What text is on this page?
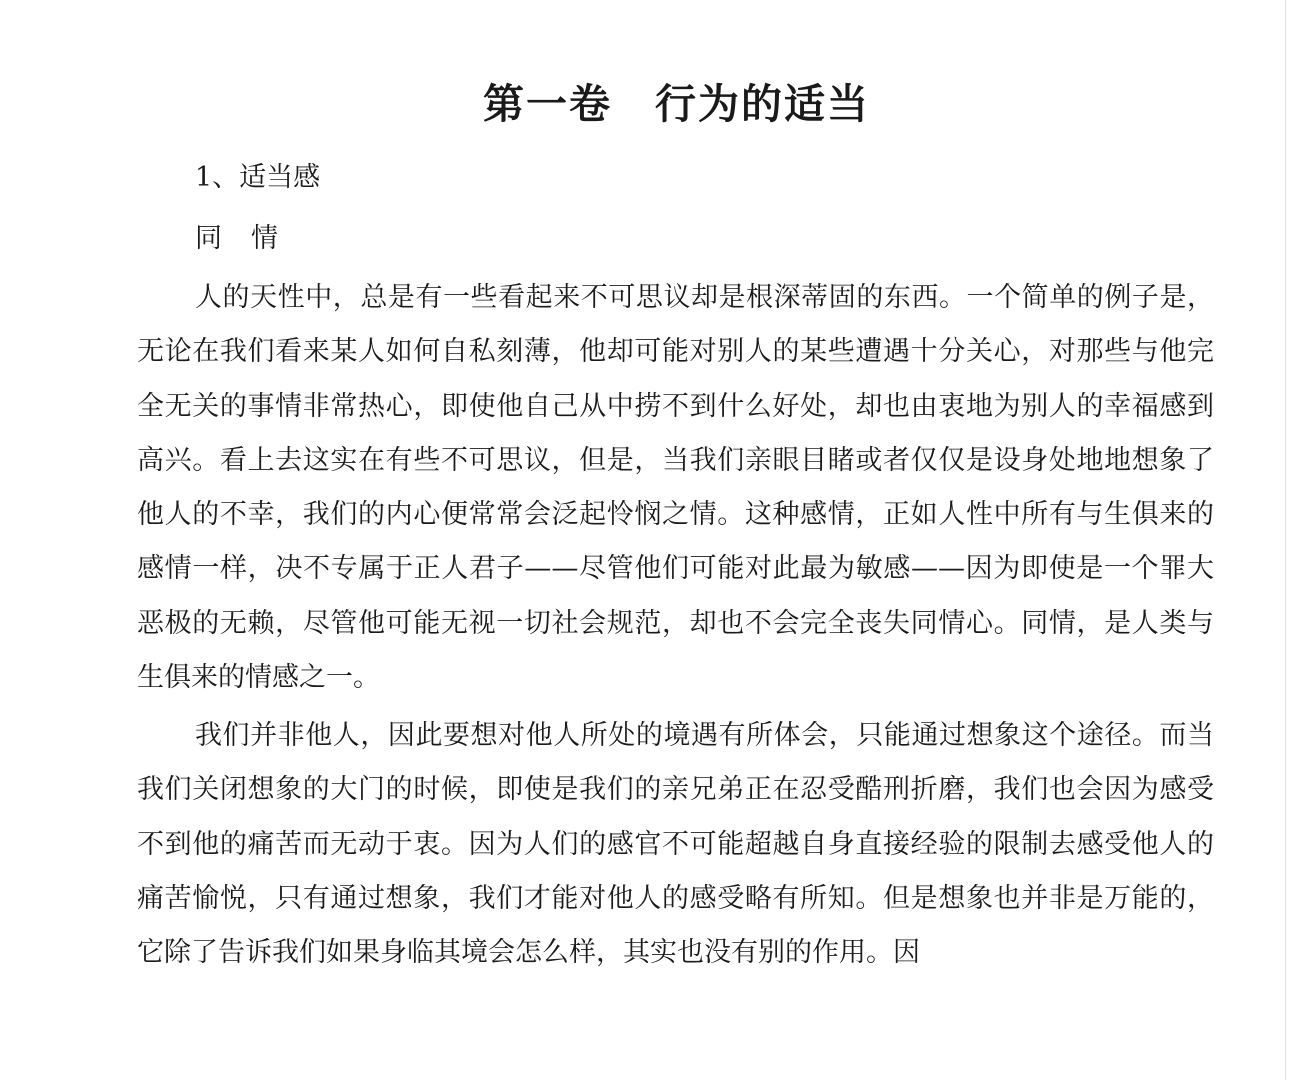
第一卷　行为的适当
1、适当感
同　情

人的天性中，总是有一些看起来不可思议却是根深蒂固的东西。一个简单的例子是，无论在我们看来某人如何自私刻薄，他却可能对别人的某些遭遇十分关心，对那些与他完全无关的事情非常热心，即使他自己从中捞不到什么好处，却也由衷地为别人的幸福感到高兴。看上去这实在有些不可思议，但是，当我们亲眼目睹或者仅仅是设身处地地想象了他人的不幸，我们的内心便常常会泛起怜悯之情。这种感情，正如人性中所有与生俱来的感情一样，决不专属于正人君子——尽管他们可能对此最为敏感——因为即使是一个罪大恶极的无赖，尽管他可能无视一切社会规范，却也不会完全丧失同情心。同情，是人类与生俱来的情感之一。

我们并非他人，因此要想对他人所处的境遇有所体会，只能通过想象这个途径。而当我们关闭想象的大门的时候，即使是我们的亲兄弟正在忍受酷刑折磨，我们也会因为感受不到他的痛苦而无动于衷。因为人们的感官不可能超越自身直接经验的限制去感受他人的痛苦愉悦，只有通过想象，我们才能对他人的感受略有所知。但是想象也并非是万能的，它除了告诉我们如果身临其境会怎么样，其实也没有别的作用。因
